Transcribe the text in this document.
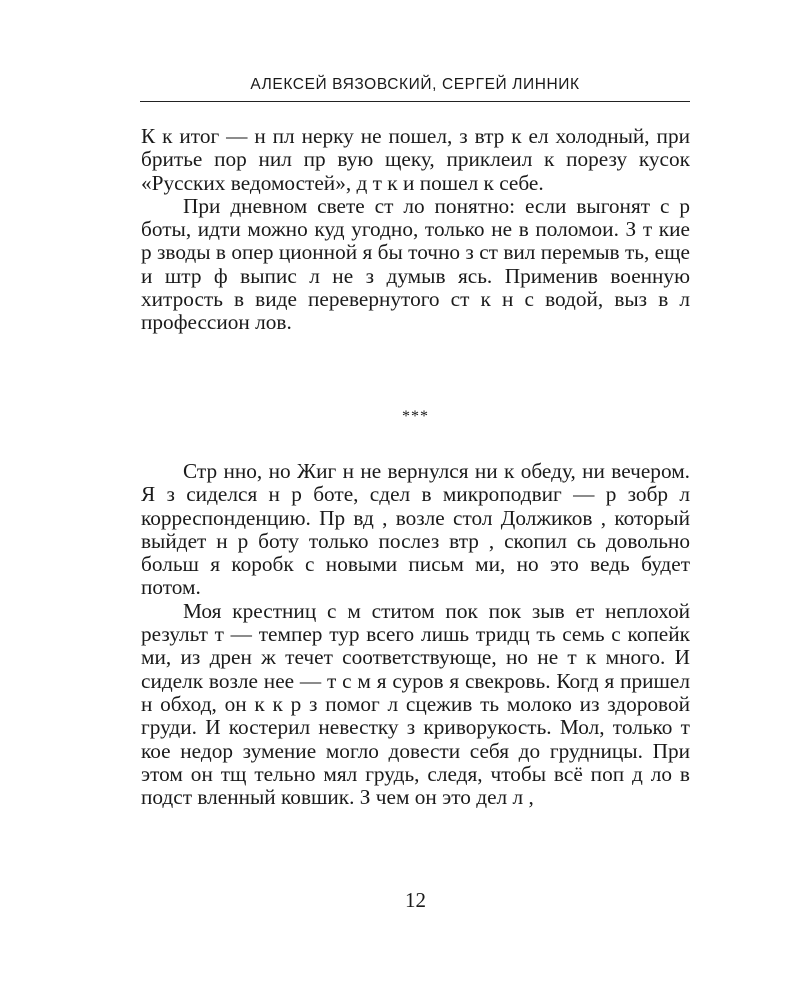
АЛЕКСЕЙ ВЯЗОВСКИЙ, СЕРГЕЙ ЛИННИК

К к итог — н пл нерку не пошел, з втр к ел холодный, при бритье пор нил пр вую щеку, приклеил к порезу кусок «Русских ведомостей», д т к и пошел к себе.

При дневном свете ст ло понятно: если выгонят с р боты, идти можно куд угодно, только не в поломои. З т кие р зводы в опер ционной я бы точно з ст вил перемыв ть, еще и штр ф выпис л не з думыв ясь. Применив военную хитрость в виде перевернутого ст к н с водой, выз в л профессион лов.

***

Стр нно, но Жиг н не вернулся ни к обеду, ни вечером. Я з сиделся н р боте, сдел в микроподвиг — р зобр л корреспонденцию. Пр вд , возле стол Должиков , который выйдет н р боту только послез втр , скопил сь довольно больш я коробк с новыми письм ми, но это ведь будет потом.

Моя крестниц с м ститом пок пок зыв ет неплохой результ т — темпер тур всего лишь тридц ть семь с копейк ми, из дрен ж течет соответствующе, но не т к много. И сиделк возле нее — т с м я суров я свекровь. Когд я пришел н обход, он к к р з помог л сцежив ть молоко из здоровой груди. И костерил невестку з криворукость. Мол, только т кое недор зумение могло довести себя до грудницы. При этом он тщ тельно мял грудь, следя, чтобы всё поп д ло в подст вленный ковшик. З чем он это дел л ,

12
